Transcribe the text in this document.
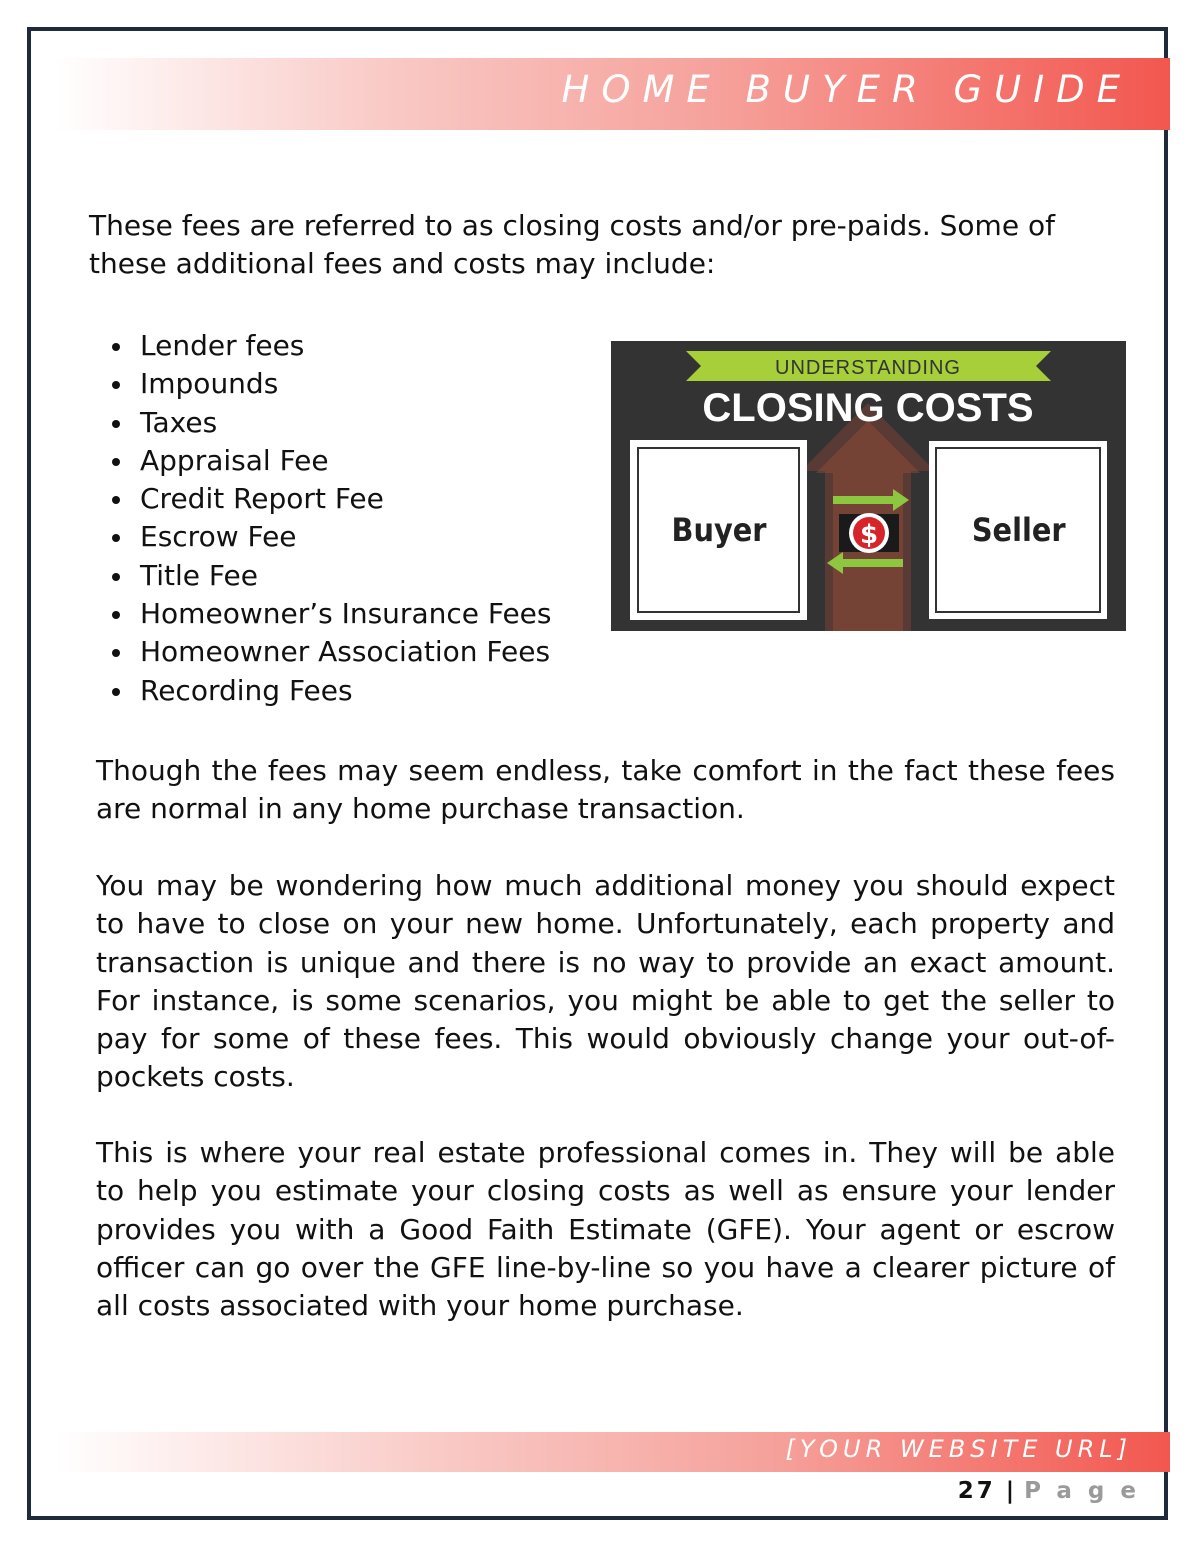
HOME BUYER GUIDE

These fees are referred to as closing costs and/or pre-paids. Some of these additional fees and costs may include:

Lender fees
Impounds
Taxes
Appraisal Fee
Credit Report Fee
Escrow Fee
Title Fee
Homeowner’s Insurance Fees
Homeowner Association Fees
Recording Fees
UNDERSTANDING
CLOSING COSTS
Buyer	Seller
$

Though the fees may seem endless, take comfort in the fact these fees are normal in any home purchase transaction.

You may be wondering how much additional money you should expect to have to close on your new home. Unfortunately, each property and transaction is unique and there is no way to provide an exact amount. For instance, is some scenarios, you might be able to get the seller to pay for some of these fees. This would obviously change your out-of-pockets costs.

This is where your real estate professional comes in. They will be able to help you estimate your closing costs as well as ensure your lender provides you with a Good Faith Estimate (GFE). Your agent or escrow officer can go over the GFE line-by-line so you have a clearer picture of all costs associated with your home purchase.

[YOUR WEBSITE URL]
27 | Page
